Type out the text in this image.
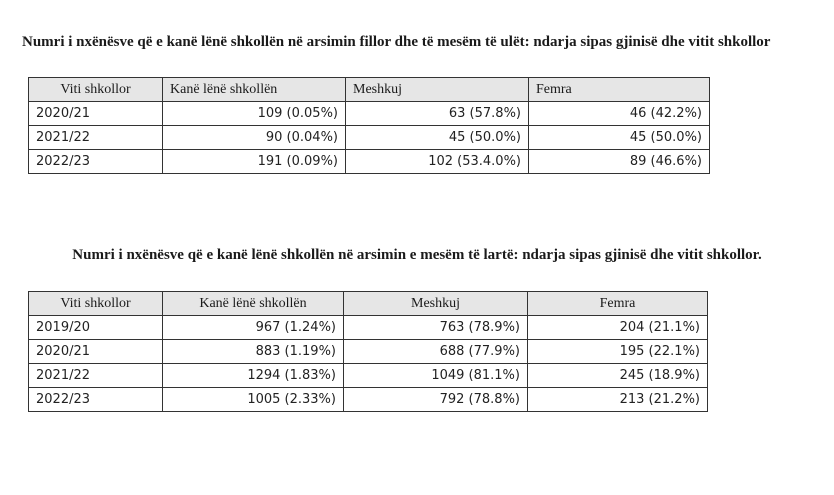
Numri i nxënësve që e kanë lënë shkollën në arsimin fillor dhe të mesëm të ulët: ndarja sipas gjinisë dhe vitit shkollor
Viti shkollor	Kanë lënë shkollën	Meshkuj	Femra
2020/21	109 (0.05%)	63 (57.8%)	46 (42.2%)
2021/22	90 (0.04%)	45 (50.0%)	45 (50.0%)
2022/23	191 (0.09%)	102 (53.4.0%)	89 (46.6%)
Numri i nxënësve që e kanë lënë shkollën në arsimin e mesëm të lartë: ndarja sipas gjinisë dhe vitit shkollor.
Viti shkollor	Kanë lënë shkollën	Meshkuj	Femra
2019/20	967 (1.24%)	763 (78.9%)	204 (21.1%)
2020/21	883 (1.19%)	688 (77.9%)	195 (22.1%)
2021/22	1294 (1.83%)	1049 (81.1%)	245 (18.9%)
2022/23	1005 (2.33%)	792 (78.8%)	213 (21.2%)
